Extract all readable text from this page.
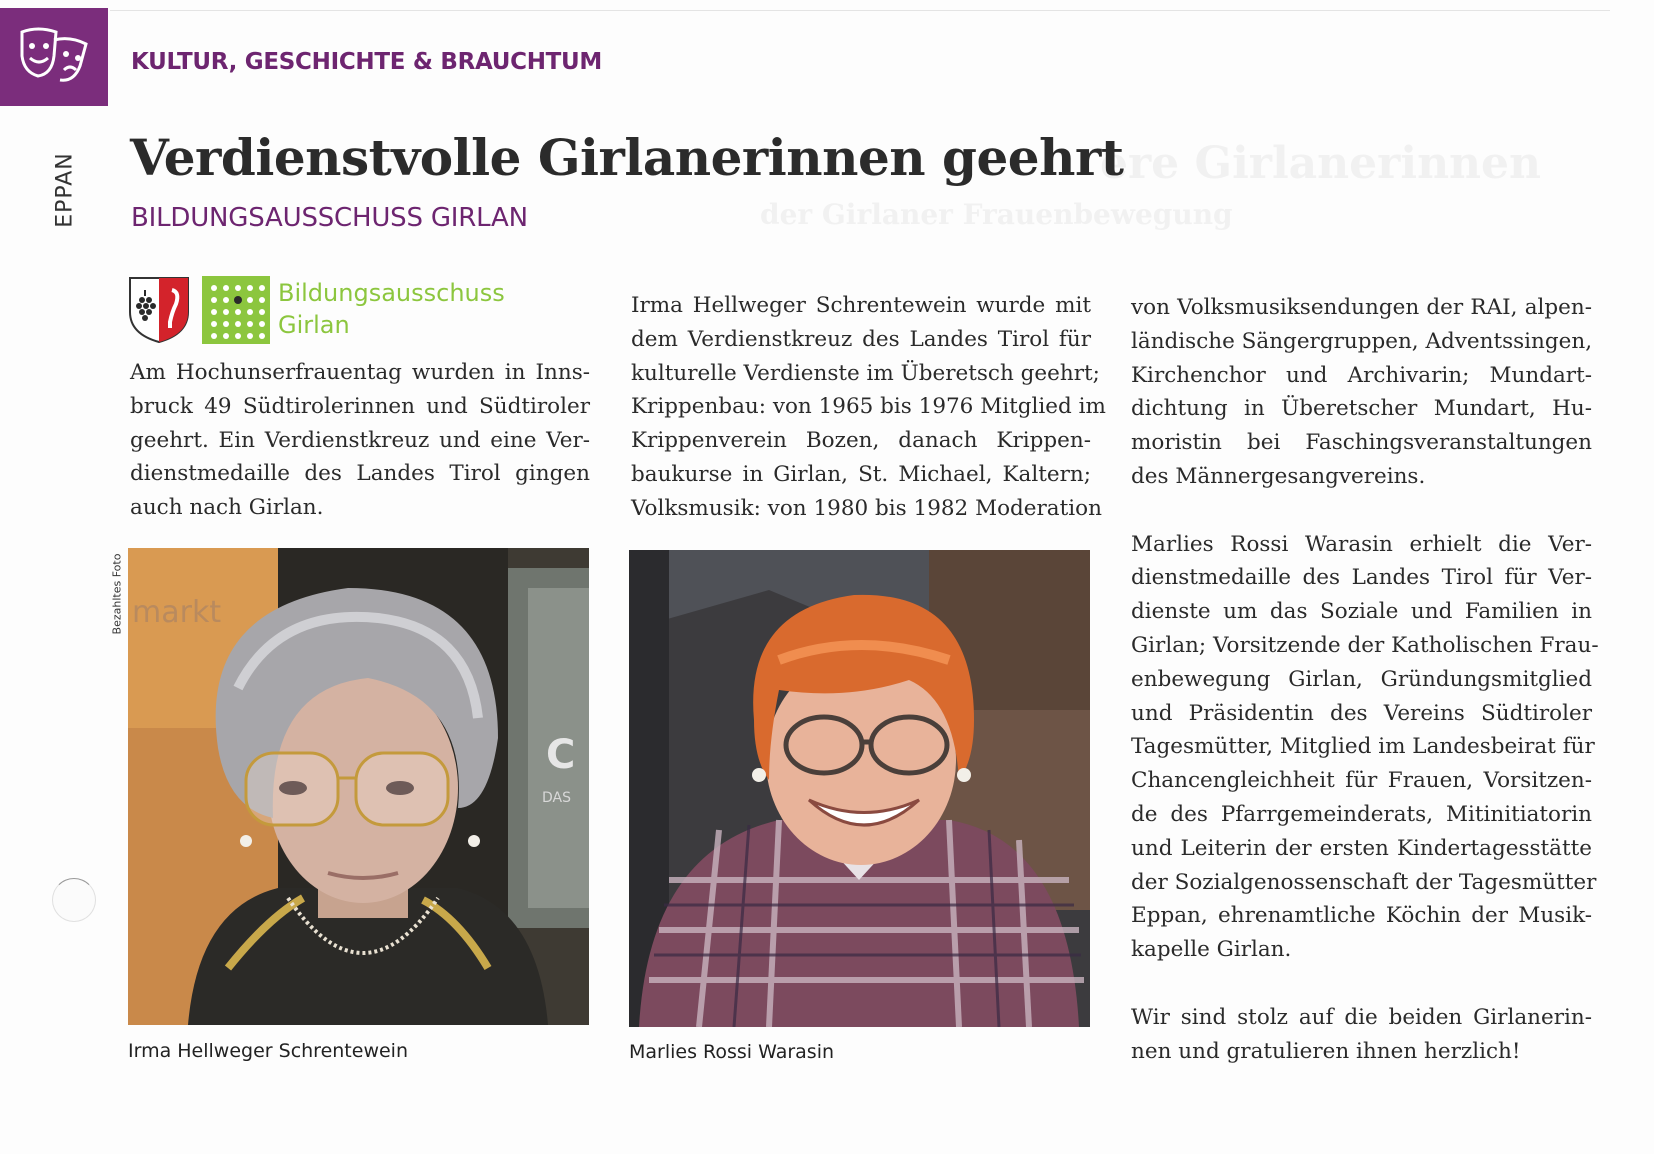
KULTUR, GESCHICHTE & BRAUCHTUM
EPPAN	ere Girlanerinnen
der Girlaner Frauenbewegung
Verdienstvolle Girlanerinnen geehrt
BILDUNGSAUSSCHUSS GIRLAN
Bildungsausschuss
Girlan
Am Hochunserfrauentag wurden in Inns-
bruck 49 Südtirolerinnen und Südtiroler
geehrt. Ein Verdienstkreuz und eine Ver-
dienstmedaille des Landes Tirol gingen
auch nach Girlan.
Irma Hellweger Schrentewein wurde mit
dem Verdienstkreuz des Landes Tirol für
kulturelle Verdienste im Überetsch geehrt;
Krippenbau: von 1965 bis 1976 Mitglied im
Krippenverein Bozen, danach Krippen-
baukurse in Girlan, St. Michael, Kaltern;
Volksmusik: von 1980 bis 1982 Moderation
von Volksmusiksendungen der RAI, alpen-
ländische Sängergruppen, Adventssingen,
Kirchenchor und Archivarin; Mundart-
dichtung in Überetscher Mundart, Hu-
moristin bei Faschingsveranstaltungen
des Männergesangvereins.
Marlies Rossi Warasin erhielt die Ver-
dienstmedaille des Landes Tirol für Ver-
dienste um das Soziale und Familien in
Girlan; Vorsitzende der Katholischen Frau-
enbewegung Girlan, Gründungsmitglied
und Präsidentin des Vereins Südtiroler
Tagesmütter, Mitglied im Landesbeirat für
Chancengleichheit für Frauen, Vorsitzen-
de des Pfarrgemeinderats, Mitinitiatorin
und Leiterin der ersten Kindertagesstätte
der Sozialgenossenschaft der Tagesmütter
Eppan, ehrenamtliche Köchin der Musik-
kapelle Girlan.
Wir sind stolz auf die beiden Girlanerin-
nen und gratulieren ihnen herzlich!
Bezahltes Foto markt
C
DAS
Irma Hellweger Schrentewein	Marlies Rossi Warasin
